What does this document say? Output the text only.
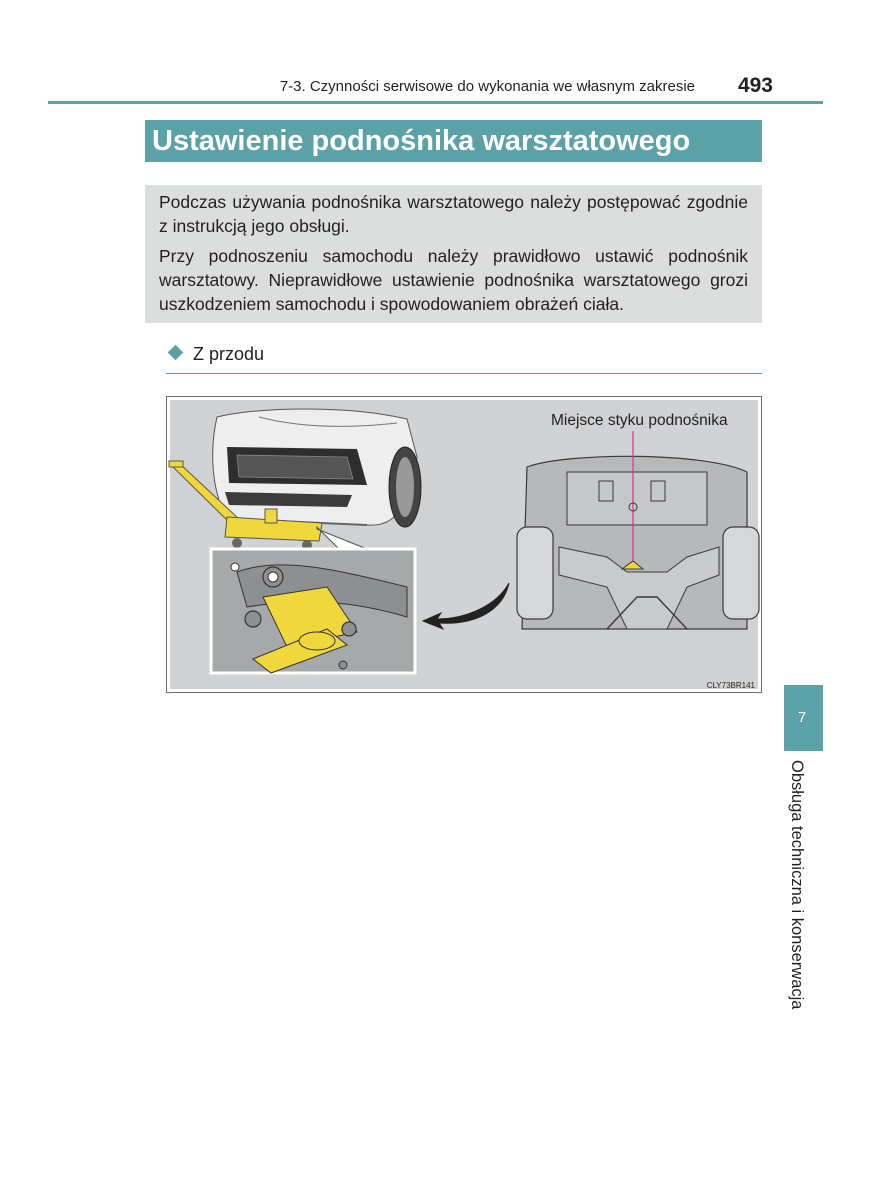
7-3. Czynności serwisowe do wykonania we własnym zakresie	493
Ustawienie podnośnika warsztatowego

Podczas używania podnośnika warsztatowego należy postępować zgodnie z instrukcją jego obsługi.

Przy podnoszeniu samochodu należy prawidłowo ustawić podnośnik warsztatowy. Nieprawidłowe ustawienie podnośnika warsztatowego grozi uszkodzeniem samochodu i spowodowaniem obrażeń ciała.

Z przodu
Miejsce styku podnośnika
CLY73BR141
7
Obsługa techniczna i konserwacja
